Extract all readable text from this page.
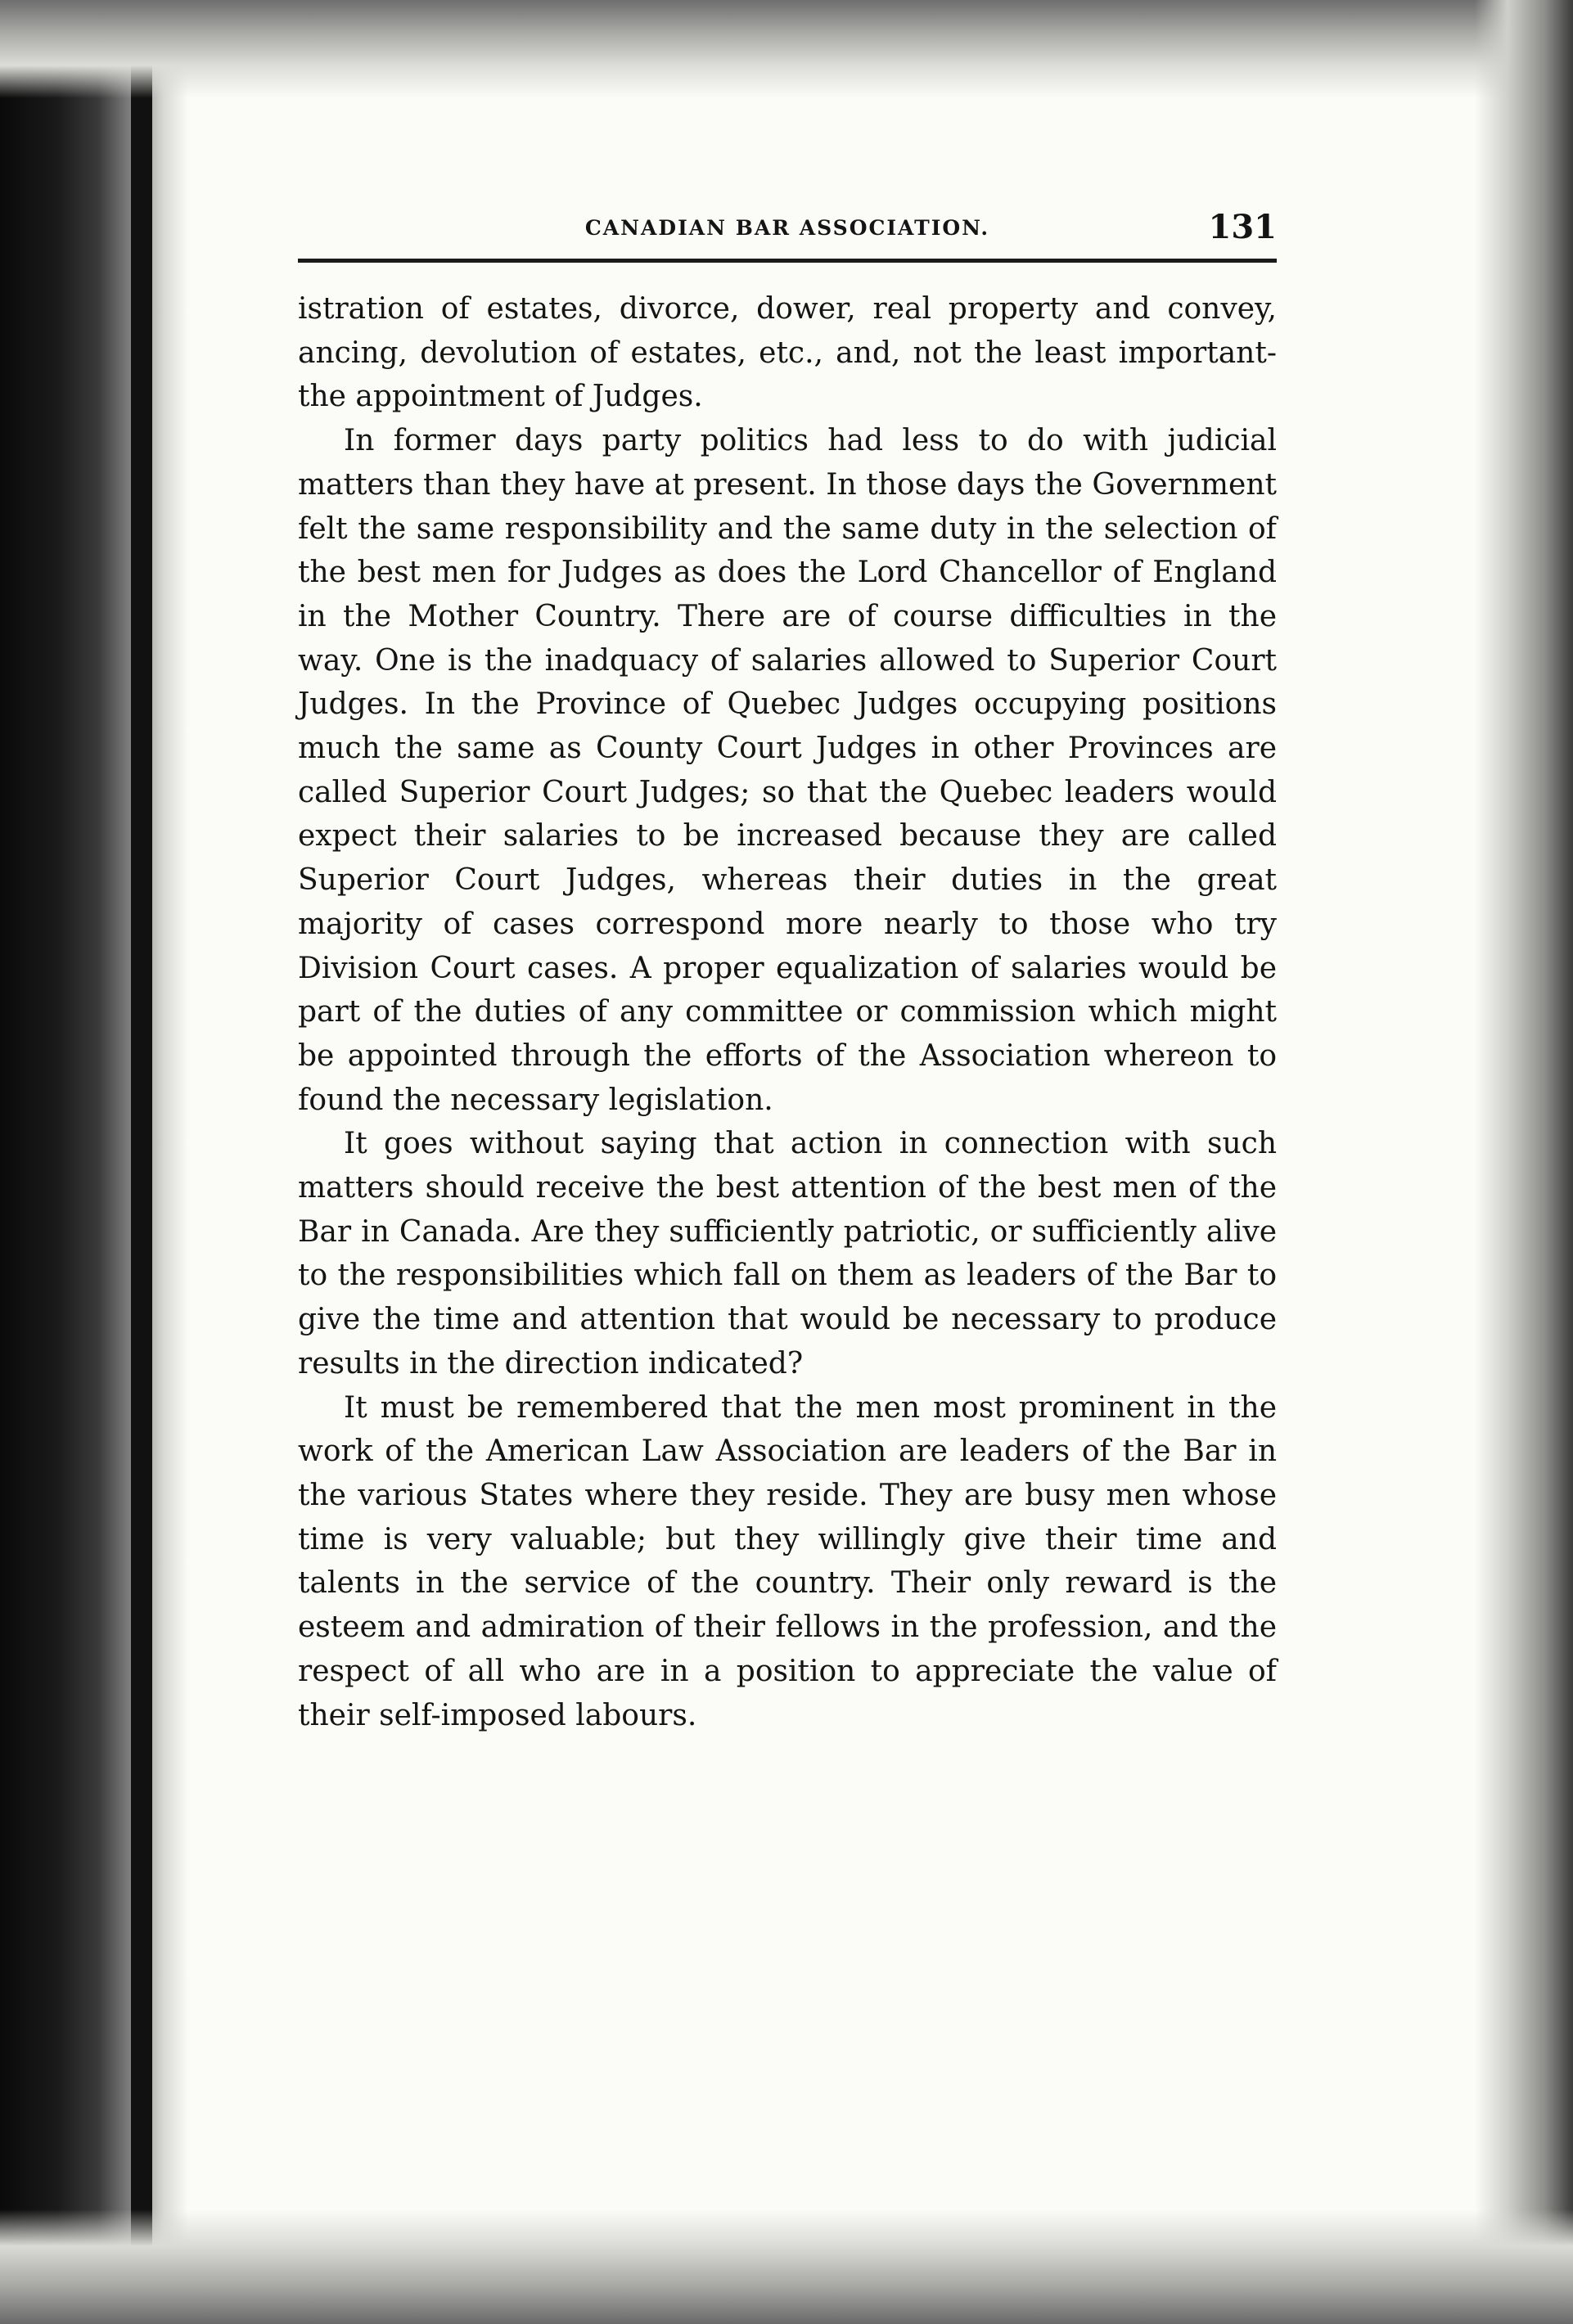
CANADIAN BAR ASSOCIATION.	131

istration of estates, divorce, dower, real property and convey, ancing, devolution of estates, etc., and, not the least important- the appointment of Judges.

In former days party politics had less to do with judicial matters than they have at present. In those days the Government felt the same responsibility and the same duty in the selection of the best men for Judges as does the Lord Chancellor of England in the Mother Country. There are of course difficulties in the way. One is the inadquacy of salaries allowed to Superior Court Judges. In the Province of Quebec Judges occupying positions much the same as County Court Judges in other Provinces are called Superior Court Judges; so that the Quebec leaders would expect their salaries to be increased because they are called Superior Court Judges, whereas their duties in the great majority of cases correspond more nearly to those who try Division Court cases. A proper equalization of salaries would be part of the duties of any committee or commission which might be appointed through the efforts of the Association whereon to found the necessary legislation.

It goes without saying that action in connection with such matters should receive the best attention of the best men of the Bar in Canada. Are they sufficiently patriotic, or sufficiently alive to the responsibilities which fall on them as leaders of the Bar to give the time and attention that would be necessary to produce results in the direction indicated?

It must be remembered that the men most prominent in the work of the American Law Association are leaders of the Bar in the various States where they reside. They are busy men whose time is very valuable; but they willingly give their time and talents in the service of the country. Their only reward is the esteem and admiration of their fellows in the profession, and the respect of all who are in a position to appreciate the value of their self-imposed labours.
